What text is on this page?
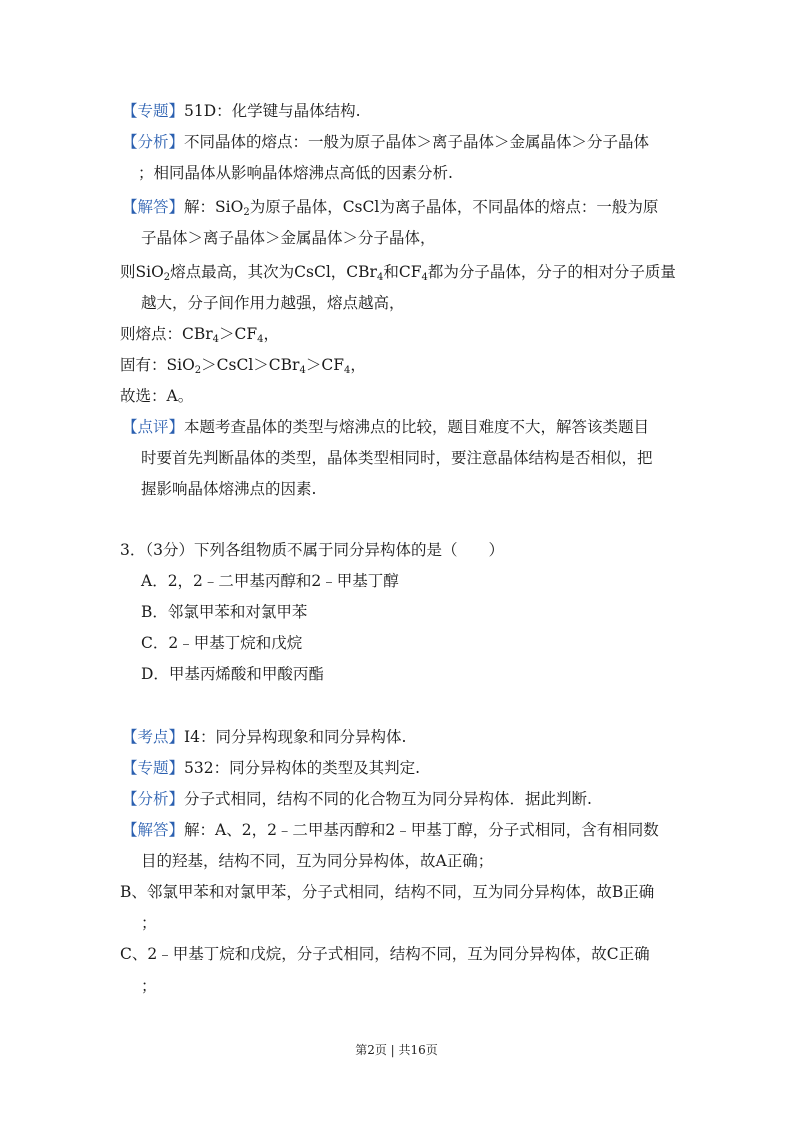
【专题】51D：化学键与晶体结构.
【分析】不同晶体的熔点：一般为原子晶体＞离子晶体＞金属晶体＞分子晶体
；相同晶体从影响晶体熔沸点高低的因素分析.
【解答】解：SiO$_2$为原子晶体，CsCl为离子晶体，不同晶体的熔点：一般为原
子晶体＞离子晶体＞金属晶体＞分子晶体，
则SiO$_2$熔点最高，其次为CsCl，CBr$_4$和$CF_4$都为分子晶体，分子的相对分子质量
越大，分子间作用力越强，熔点越高，
则熔点：$CBr_4>CF_4$，
固有：$SiO_2>CsCl>CBr_4>CF_4$，
故选：A。
【点评】本题考查晶体的类型与熔沸点的比较，题目难度不大，解答该类题目
时要首先判断晶体的类型，晶体类型相同时，要注意晶体结构是否相似，把
握影响晶体熔沸点的因素.
3．（3分）下列各组物质不属于同分异构体的是（　　）
A．2，2﹣二甲基丙醇和2﹣甲基丁醇
B．邻氯甲苯和对氯甲苯
C．2﹣甲基丁烷和戊烷
D．甲基丙烯酸和甲酸丙酯
【考点】I4：同分异构现象和同分异构体.
【专题】532：同分异构体的类型及其判定.
【分析】分子式相同，结构不同的化合物互为同分异构体．据此判断.
【解答】解：A、2，2﹣二甲基丙醇和2﹣甲基丁醇，分子式相同，含有相同数
目的羟基，结构不同，互为同分异构体，故A正确；
B、邻氯甲苯和对氯甲苯，分子式相同，结构不同，互为同分异构体，故B正确
；
C、2﹣甲基丁烷和戊烷，分子式相同，结构不同，互为同分异构体，故C正确
；
第2页 | 共16页
